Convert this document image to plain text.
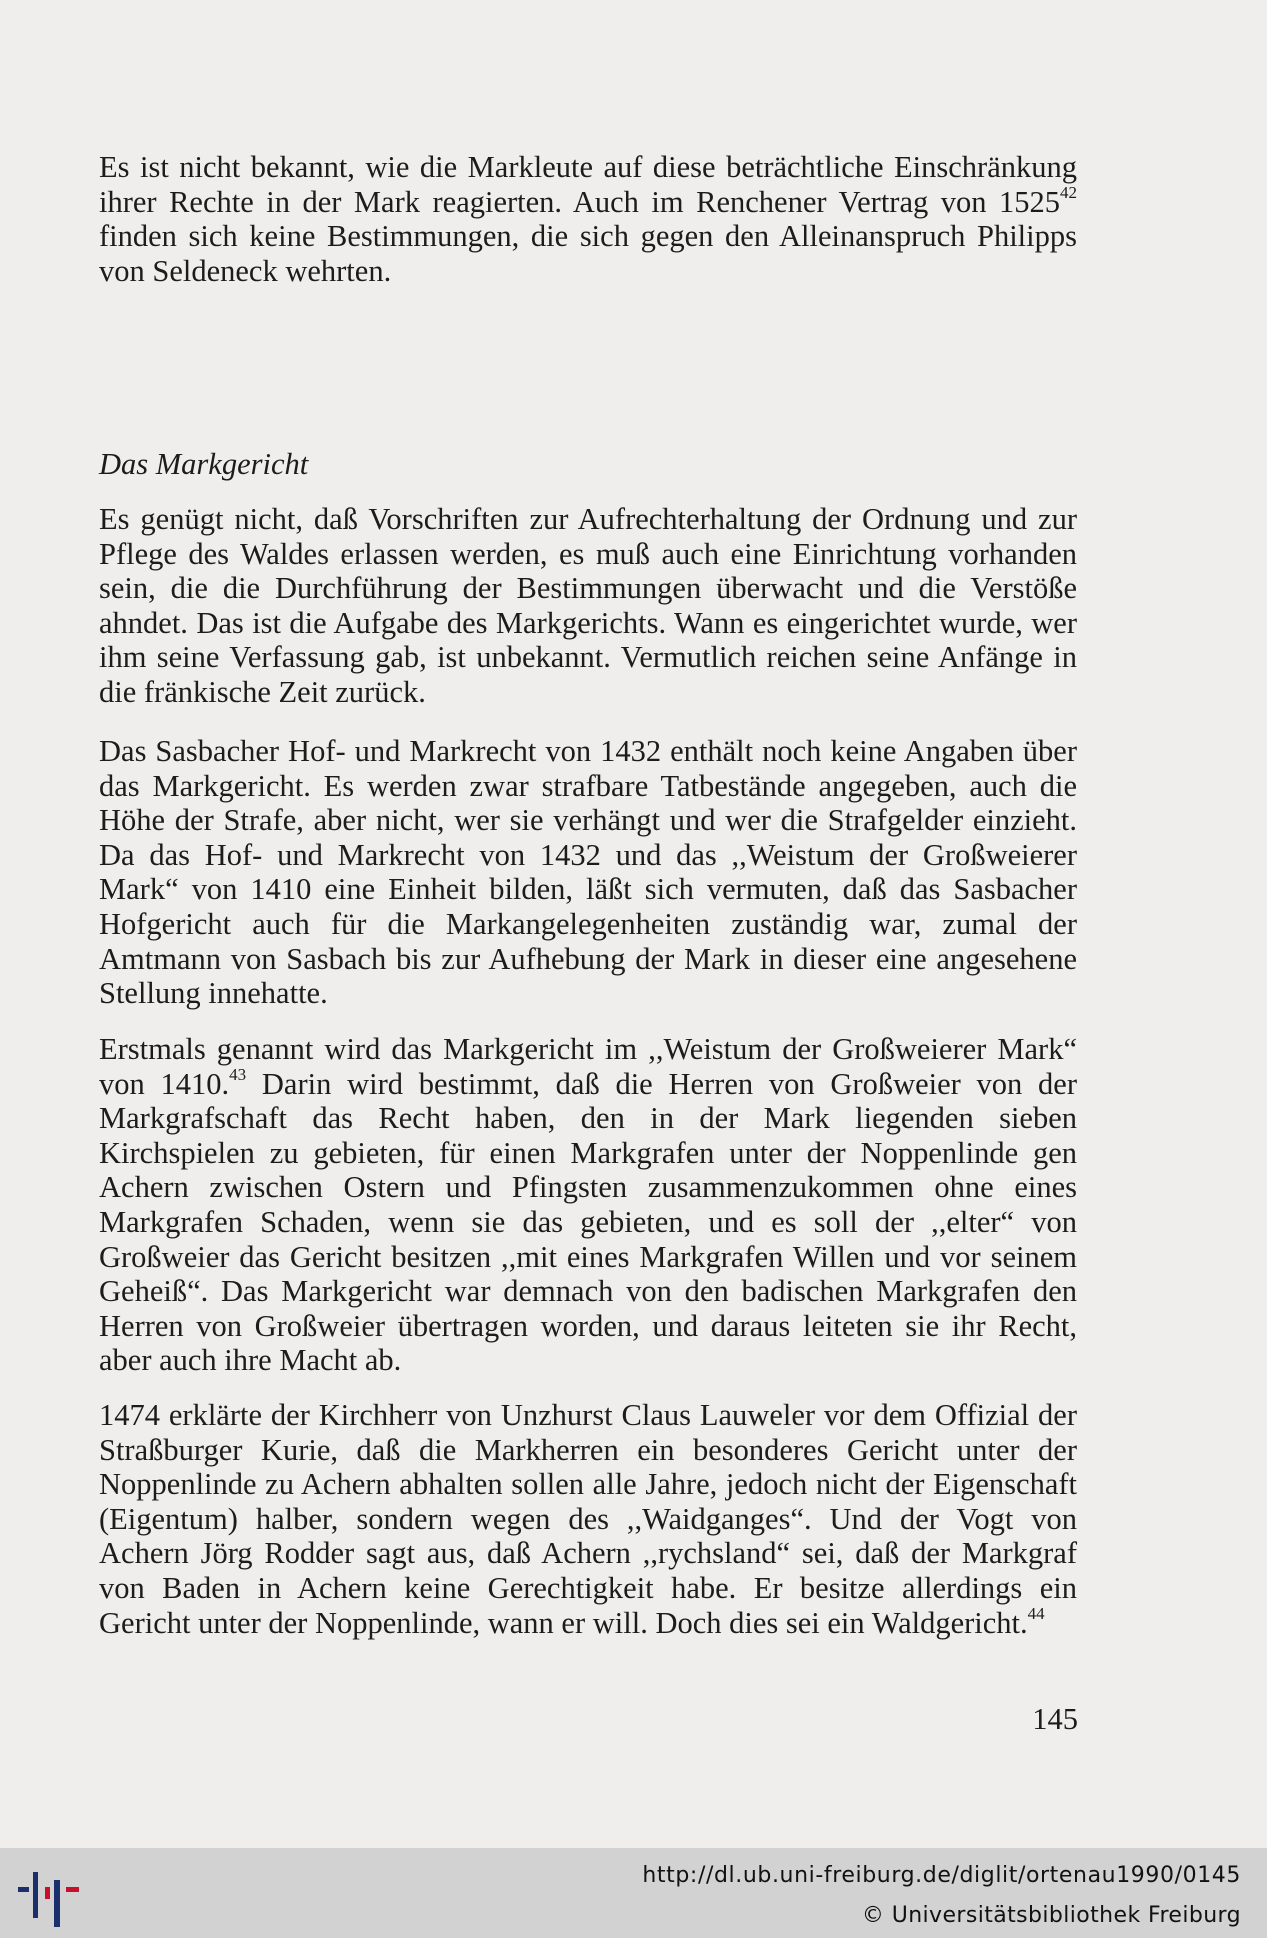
Es ist nicht bekannt, wie die Markleute auf diese beträchtliche Einschränkung ihrer Rechte in der Mark reagierten. Auch im Renchener Vertrag von 1525$^{42}$ finden sich keine Bestimmungen, die sich gegen den Alleinanspruch Philipps von Seldeneck wehrten.

Das Markgericht

Es genügt nicht, daß Vorschriften zur Aufrechterhaltung der Ordnung und zur Pflege des Waldes erlassen werden, es muß auch eine Einrichtung vorhanden sein, die die Durchführung der Bestimmungen überwacht und die Verstöße ahndet. Das ist die Aufgabe des Markgerichts. Wann es eingerichtet wurde, wer ihm seine Verfassung gab, ist unbekannt. Vermutlich reichen seine Anfänge in die fränkische Zeit zurück.

Das Sasbacher Hof- und Markrecht von 1432 enthält noch keine Angaben über das Markgericht. Es werden zwar strafbare Tatbestände angegeben, auch die Höhe der Strafe, aber nicht, wer sie verhängt und wer die Strafgelder einzieht. Da das Hof- und Markrecht von 1432 und das ,,Weistum der Großweierer Mark“ von 1410 eine Einheit bilden, läßt sich vermuten, daß das Sasbacher Hofgericht auch für die Markangelegenheiten zuständig war, zumal der Amtmann von Sasbach bis zur Aufhebung der Mark in dieser eine angesehene Stellung innehatte.

Erstmals genannt wird das Markgericht im ,,Weistum der Großweierer Mark“ von 1410.43 Darin wird bestimmt, daß die Herren von Großweier von der Markgrafschaft das Recht haben, den in der Mark liegenden sieben Kirchspielen zu gebieten, für einen Markgrafen unter der Noppenlinde gen Achern zwischen Ostern und Pfingsten zusammenzukommen ohne eines Markgrafen Schaden, wenn sie das gebieten, und es soll der ,,elter“ von Großweier das Gericht besitzen ,,mit eines Markgrafen Willen und vor seinem Geheiß“. Das Markgericht war demnach von den badischen Markgrafen den Herren von Großweier übertragen worden, und daraus leiteten sie ihr Recht, aber auch ihre Macht ab.

1474 erklärte der Kirchherr von Unzhurst Claus Lauweler vor dem Offizial der Straßburger Kurie, daß die Markherren ein besonderes Gericht unter der Noppenlinde zu Achern abhalten sollen alle Jahre, jedoch nicht der Eigenschaft (Eigentum) halber, sondern wegen des ,,Waidganges“. Und der Vogt von Achern Jörg Rodder sagt aus, daß Achern ,,rychsland“ sei, daß der Markgraf von Baden in Achern keine Gerechtigkeit habe. Er besitze allerdings ein Gericht unter der Noppenlinde, wann er will. Doch dies sei ein Waldgericht.$^{44}$

145
http://dl.ub.uni-freiburg.de/diglit/ortenau1990/0145
© Universitätsbibliothek Freiburg
